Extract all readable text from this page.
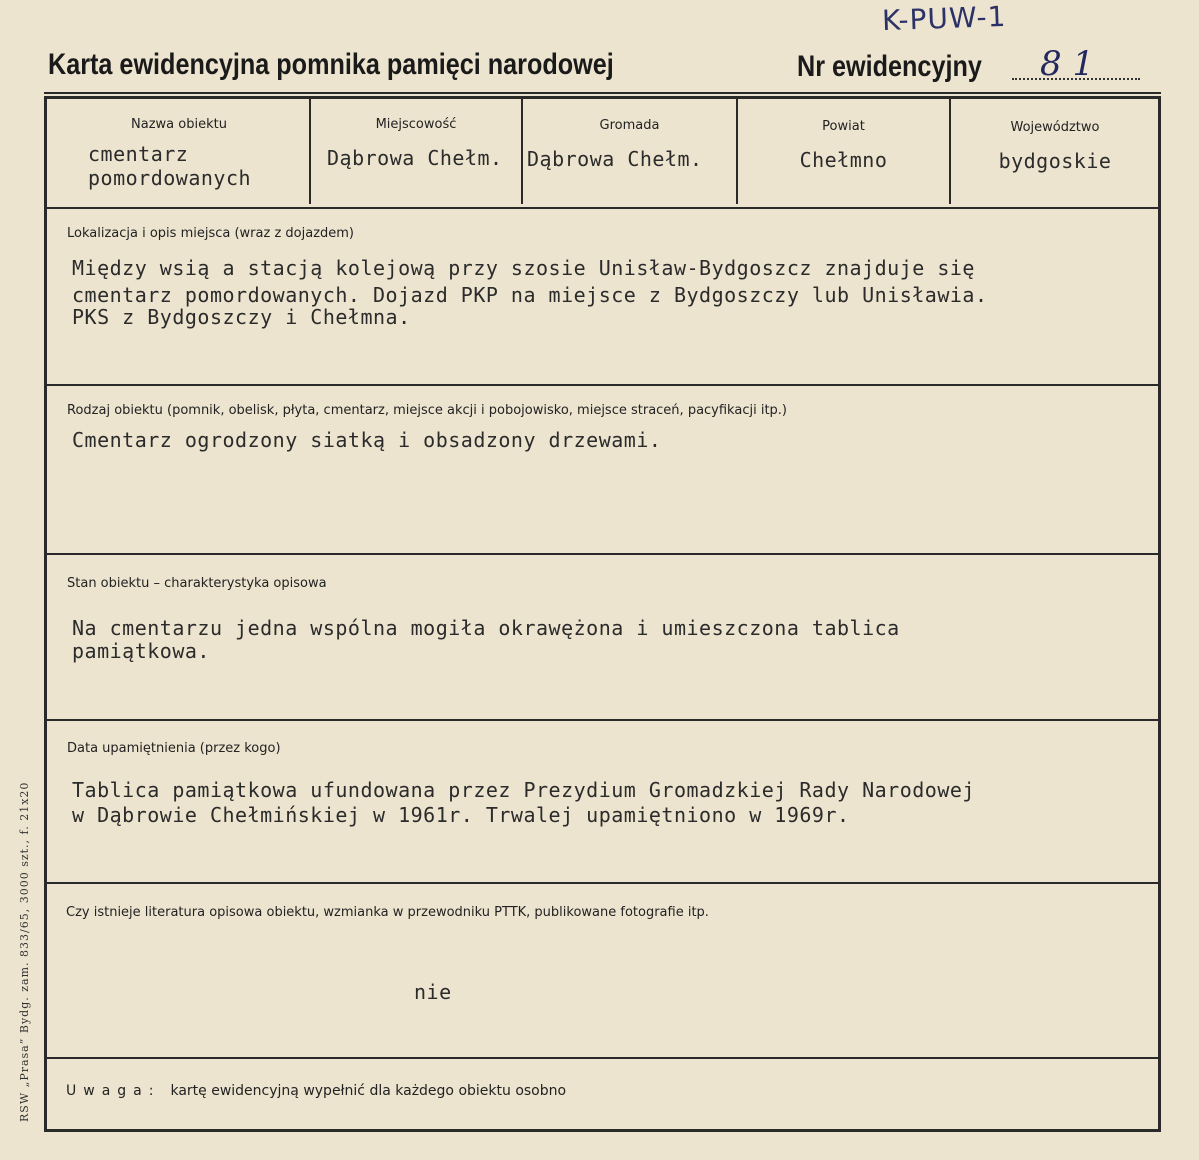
K-PUW-1
Karta ewidencyjna pomnika pamięci narodowej	Nr ewidencyjny 8 1
Nazwa obiektu
cmentarz
pomordowanych
Miejscowość
Dąbrowa Chełm.
Gromada
Dąbrowa Chełm.
Powiat
Chełmno
Województwo
bydgoskie
Lokalizacja i opis miejsca (wraz z dojazdem)
Między wsią a stacją kolejową przy szosie Unisław-Bydgoszcz znajduje się
cmentarz pomordowanych. Dojazd PKP na miejsce z Bydgoszczy lub Unisławia.
PKS z Bydgoszczy i Chełmna.
Rodzaj obiektu (pomnik, obelisk, płyta, cmentarz, miejsce akcji i pobojowisko, miejsce straceń, pacyfikacji itp.)
Cmentarz ogrodzony siatką i obsadzony drzewami.
Stan obiektu – charakterystyka opisowa
Na cmentarzu jedna wspólna mogiła okrawężona i umieszczona tablica
pamiątkowa.
Data upamiętnienia (przez kogo)
Tablica pamiątkowa ufundowana przez Prezydium Gromadzkiej Rady Narodowej
w Dąbrowie Chełmińskiej w 1961r. Trwalej upamiętniono w 1969r.
Czy istnieje literatura opisowa obiektu, wzmianka w przewodniku PTTK, publikowane fotografie itp.
nie
Uwaga: kartę ewidencyjną wypełnić dla każdego obiektu osobno
RSW „Prasa” Bydg. zam. 833/65, 3000 szt., f. 21x20
